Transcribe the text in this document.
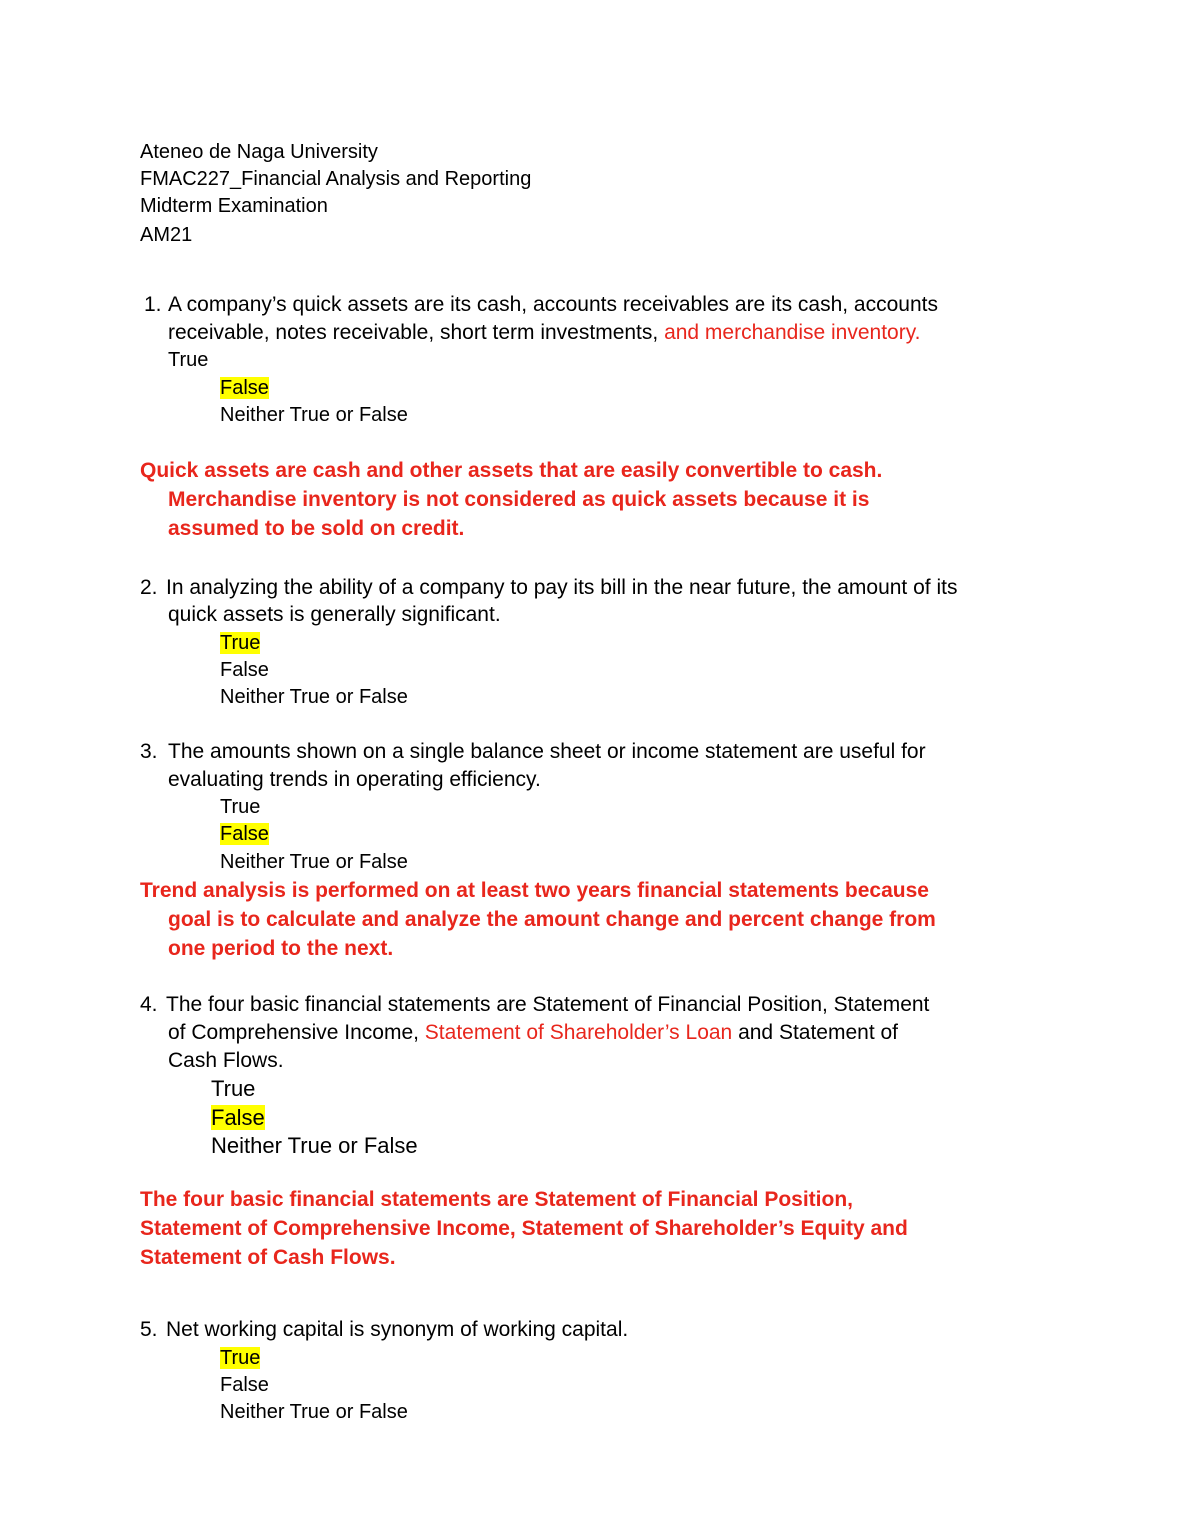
Ateneo de Naga University
FMAC227_Financial Analysis and Reporting
Midterm Examination
AM21
1. A company’s quick assets are its cash, accounts receivables are its cash, accounts
receivable, notes receivable, short term investments, and merchandise inventory.
True
False
Neither True or False
Quick assets are cash and other assets that are easily convertible to cash.
Merchandise inventory is not considered as quick assets because it is
assumed to be sold on credit.
2. In analyzing the ability of a company to pay its bill in the near future, the amount of its
quick assets is generally significant.
True
False
Neither True or False
3. The amounts shown on a single balance sheet or income statement are useful for
evaluating trends in operating efficiency.
True
False
Neither True or False
Trend analysis is performed on at least two years financial statements because
goal is to calculate and analyze the amount change and percent change from
one period to the next.
4. The four basic financial statements are Statement of Financial Position, Statement
of Comprehensive Income, Statement of Shareholder’s Loan and Statement of
Cash Flows.
True
False
Neither True or False
The four basic financial statements are Statement of Financial Position,
Statement of Comprehensive Income, Statement of Shareholder’s Equity and
Statement of Cash Flows.
5. Net working capital is synonym of working capital.
True
False
Neither True or False
